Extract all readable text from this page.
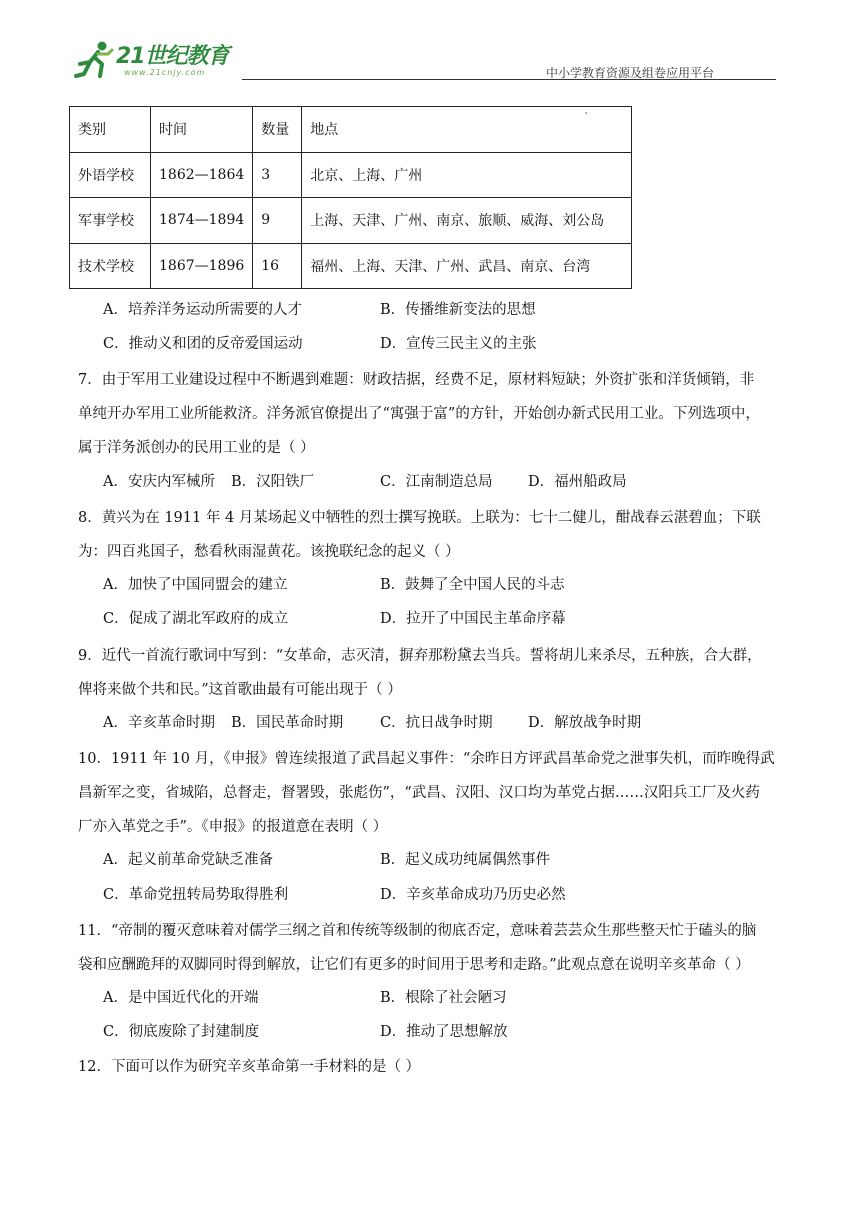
21世纪教育
www.21cnjy.com	中小学教育资源及组卷应用平台
类别	时间	数量	地点
外语学校	1862—1864	3	北京、上海、广州
军事学校	1874—1894	9	上海、天津、广州、南京、旅顺、威海、刘公岛
技术学校	1867—1896	16	福州、上海、天津、广州、武昌、南京、台湾
'
A．培养洋务运动所需要的人才	B．传播维新变法的思想
C．推动义和团的反帝爱国运动	D．宣传三民主义的主张
7．由于军用工业建设过程中不断遇到难题：财政拮据，经费不足，原材料短缺；外资扩张和洋货倾销，非
单纯开办军用工业所能救济。洋务派官僚提出了“寓强于富”的方针，开始创办新式民用工业。下列选项中，
属于洋务派创办的民用工业的是（ ）
A．安庆内军械所 B．汉阳铁厂	C．江南制造总局 D．福州船政局
8．黄兴为在 1911 年 4 月某场起义中牺牲的烈士撰写挽联。上联为：七十二健儿，酣战春云湛碧血；下联
为：四百兆国子，愁看秋雨湿黄花。该挽联纪念的起义（ ）
A．加快了中国同盟会的建立	B．鼓舞了全中国人民的斗志
C．促成了湖北军政府的成立	D．拉开了中国民主革命序幕
9．近代一首流行歌词中写到：“女革命，志灭清，摒弃那粉黛去当兵。誓将胡儿来杀尽，五种族，合大群，
俾将来做个共和民。”这首歌曲最有可能出现于（ ）
A．辛亥革命时期 B．国民革命时期	C．抗日战争时期 D．解放战争时期
10．1911 年 10 月，《申报》曾连续报道了武昌起义事件：“余昨日方评武昌革命党之泄事失机，而昨晚得武
昌新军之变，省城陷，总督走，督署毁，张彪伤”，“武昌、汉阳、汉口均为革党占据……汉阳兵工厂及火药
厂亦入革党之手”。《申报》的报道意在表明（ ）
A．起义前革命党缺乏准备	B．起义成功纯属偶然事件
C．革命党扭转局势取得胜利	D．辛亥革命成功乃历史必然
11．“帝制的覆灭意味着对儒学三纲之首和传统等级制的彻底否定，意味着芸芸众生那些整天忙于磕头的脑
袋和应酬跪拜的双脚同时得到解放，让它们有更多的时间用于思考和走路。”此观点意在说明辛亥革命（ ）
A．是中国近代化的开端	B．根除了社会陋习
C．彻底废除了封建制度	D．推动了思想解放
12．下面可以作为研究辛亥革命第一手材料的是（ ）
